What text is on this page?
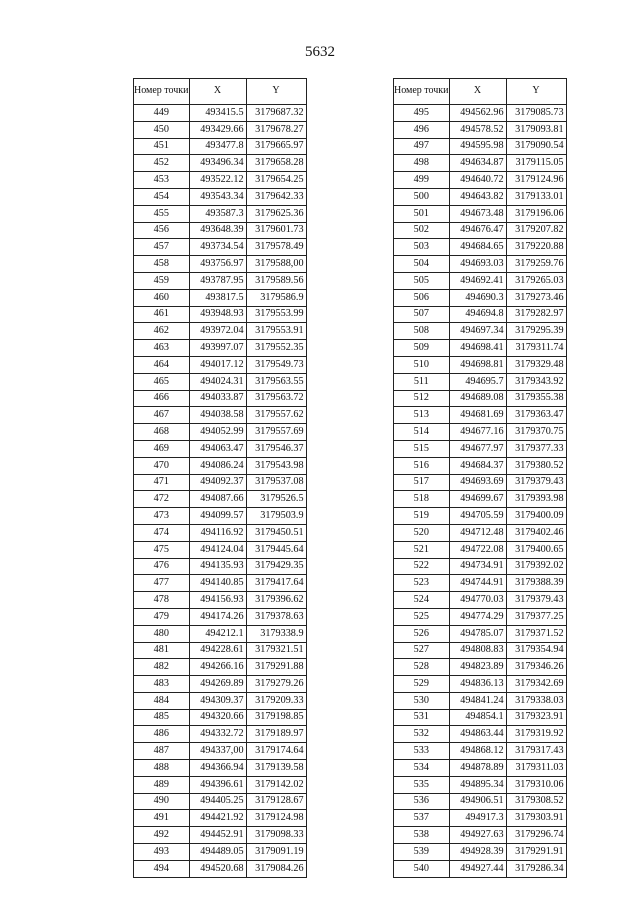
5632
Номер точки	X	Y
449	493415.5	3179687.32
450	493429.66	3179678.27
451	493477.8	3179665.97
452	493496.34	3179658.28
453	493522.12	3179654.25
454	493543.34	3179642.33
455	493587.3	3179625.36
456	493648.39	3179601.73
457	493734.54	3179578.49
458	493756.97	3179588,00
459	493787.95	3179589.56
460	493817.5	3179586.9
461	493948.93	3179553.99
462	493972.04	3179553.91
463	493997.07	3179552.35
464	494017.12	3179549.73
465	494024.31	3179563.55
466	494033.87	3179563.72
467	494038.58	3179557.62
468	494052.99	3179557.69
469	494063.47	3179546.37
470	494086.24	3179543.98
471	494092.37	3179537.08
472	494087.66	3179526.5
473	494099.57	3179503.9
474	494116.92	3179450.51
475	494124.04	3179445.64
476	494135.93	3179429.35
477	494140.85	3179417.64
478	494156.93	3179396.62
479	494174.26	3179378.63
480	494212.1	3179338.9
481	494228.61	3179321.51
482	494266.16	3179291.88
483	494269.89	3179279.26
484	494309.37	3179209.33
485	494320.66	3179198.85
486	494332.72	3179189.97
487	494337,00	3179174.64
488	494366.94	3179139.58
489	494396.61	3179142.02
490	494405.25	3179128.67
491	494421.92	3179124.98
492	494452.91	3179098.33
493	494489.05	3179091.19
494	494520.68	3179084.26
Номер точки	X	Y
495	494562.96	3179085.73
496	494578.52	3179093.81
497	494595.98	3179090.54
498	494634.87	3179115.05
499	494640.72	3179124.96
500	494643.82	3179133.01
501	494673.48	3179196.06
502	494676.47	3179207.82
503	494684.65	3179220.88
504	494693.03	3179259.76
505	494692.41	3179265.03
506	494690.3	3179273.46
507	494694.8	3179282.97
508	494697.34	3179295.39
509	494698.41	3179311.74
510	494698.81	3179329.48
511	494695.7	3179343.92
512	494689.08	3179355.38
513	494681.69	3179363.47
514	494677.16	3179370.75
515	494677.97	3179377.33
516	494684.37	3179380.52
517	494693.69	3179379.43
518	494699.67	3179393.98
519	494705.59	3179400.09
520	494712.48	3179402.46
521	494722.08	3179400.65
522	494734.91	3179392.02
523	494744.91	3179388.39
524	494770.03	3179379.43
525	494774.29	3179377.25
526	494785.07	3179371.52
527	494808.83	3179354.94
528	494823.89	3179346.26
529	494836.13	3179342.69
530	494841.24	3179338.03
531	494854.1	3179323.91
532	494863.44	3179319.92
533	494868.12	3179317.43
534	494878.89	3179311.03
535	494895.34	3179310.06
536	494906.51	3179308.52
537	494917.3	3179303.91
538	494927.63	3179296.74
539	494928.39	3179291.91
540	494927.44	3179286.34
